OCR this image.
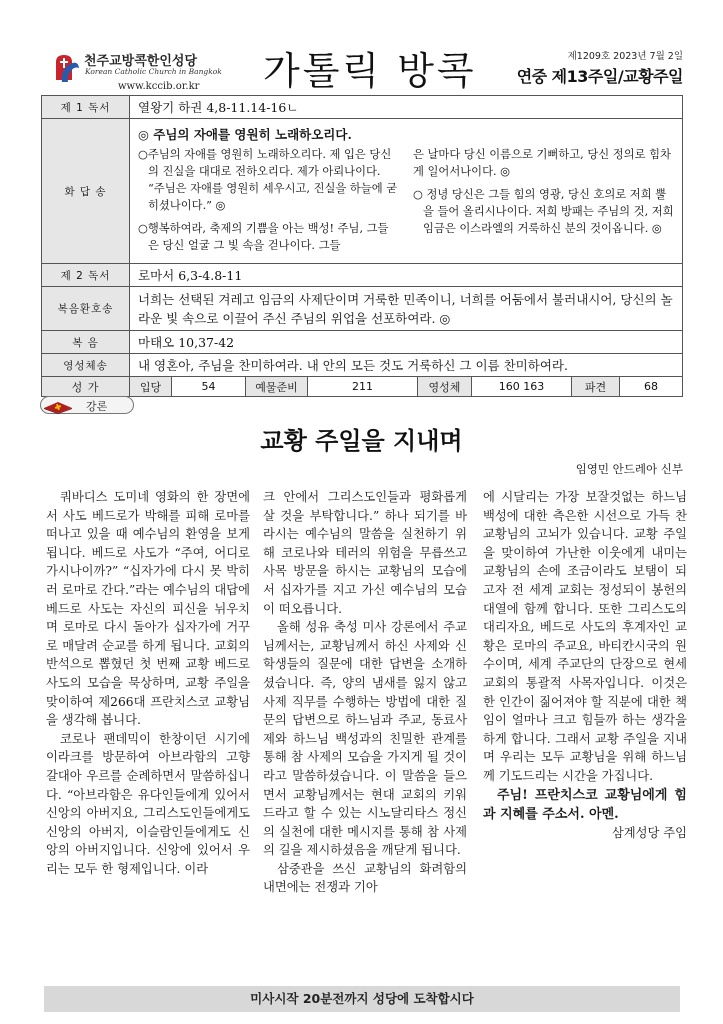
천주교방콕한인성당
Korean Catholic Church in Bangkok
www.kccib.or.kr 가톨릭 방콕	제1209호 2023년 7월 2일
연중 제13주일/교황주일
제 1 독서	열왕기 하권 4,8-11.14-16ㄴ							
화 답 송	◎ 주님의 자애를 영원히 노래하오리다.
○주님의 자애를 영원히 노래하오리다. 제 입은 당신의 진실을 대대로 전하오리다. 제가 아뢰나이다. “주님은 자애를 영원히 세우시고, 진실을 하늘에 굳히셨나이다.” ◎
○행복하여라, 축제의 기쁨을 아는 백성! 주님, 그들은 당신 얼굴 그 빛 속을 걷나이다. 그들
은 날마다 당신 이름으로 기뻐하고, 당신 정의로 힘차게 일어서나이다. ◎
○ 정녕 당신은 그들 힘의 영광, 당신 호의로 저희 뿔을 들어 올리시나이다. 저희 방패는 주님의 것, 저희 임금은 이스라엘의 거룩하신 분의 것이옵니다. ◎							

제 2 독서	로마서 6,3-4.8-11							
복음환호송	너희는 선택된 겨레고 임금의 사제단이며 거룩한 민족이니, 너희를 어둠에서 불러내시어, 당신의 놀라운 빛 속으로 이끌어 주신 주님의 위업을 선포하여라. ◎							
복 음	마태오 10,37-42							
영성체송	내 영혼아, 주님을 찬미하여라. 내 안의 모든 것도 거룩하신 그 이름 찬미하여라.							
성 가	입당	54	예물준비	211	영성체	160 163	파견	68
강론
교황 주일을 지내며
임영민 안드레아 신부

쿼바디스 도미네 영화의 한 장면에서 사도 베드로가 박해를 피해 로마를 떠나고 있을 때 예수님의 환영을 보게 됩니다. 베드로 사도가 “주여, 어디로 가시나이까?” “십자가에 다시 못 박히러 로마로 간다.”라는 예수님의 대답에 베드로 사도는 자신의 피신을 뉘우치며 로마로 다시 돌아가 십자가에 거꾸로 매달려 순교를 하게 됩니다. 교회의 반석으로 뽑혔던 첫 번째 교황 베드로 사도의 모습을 묵상하며, 교황 주일을 맞이하여 제266대 프란치스코 교황님을 생각해 봅니다.

코로나 팬데믹이 한창이던 시기에 이라크를 방문하여 아브라함의 고향 갈대아 우르를 순례하면서 말씀하십니다. “아브라함은 유다인들에게 있어서 신앙의 아버지요, 그리스도인들에게도 신앙의 아버지, 이슬람인들에게도 신앙의 아버지입니다. 신앙에 있어서 우리는 모두 한 형제입니다. 이라

크 안에서 그리스도인들과 평화롭게 살 것을 부탁합니다.” 하나 되기를 바라시는 예수님의 말씀을 실천하기 위해 코로나와 테러의 위험을 무릅쓰고 사목 방문을 하시는 교황님의 모습에서 십자가를 지고 가신 예수님의 모습이 떠오릅니다.

올해 성유 축성 미사 강론에서 주교님께서는, 교황님께서 하신 사제와 신학생들의 질문에 대한 답변을 소개하셨습니다. 즉, 양의 냄새를 잃지 않고 사제 직무를 수행하는 방법에 대한 질문의 답변으로 하느님과 주교, 동료사제와 하느님 백성과의 친밀한 관계를 통해 참 사제의 모습을 가지게 될 것이라고 말씀하셨습니다. 이 말씀을 들으면서 교황님께서는 현대 교회의 키워드라고 할 수 있는 시노달리타스 정신의 실천에 대한 메시지를 통해 참 사제의 길을 제시하셨음을 깨닫게 됩니다.

삼중관을 쓰신 교황님의 화려함의 내면에는 전쟁과 기아

에 시달리는 가장 보잘것없는 하느님 백성에 대한 측은한 시선으로 가득 찬 교황님의 고뇌가 있습니다. 교황 주일을 맞이하여 가난한 이웃에게 내미는 교황님의 손에 조금이라도 보탬이 되고자 전 세계 교회는 정성되이 봉헌의 대열에 함께 합니다. 또한 그리스도의 대리자요, 베드로 사도의 후계자인 교황은 로마의 주교요, 바티칸시국의 원수이며, 세계 주교단의 단장으로 현세 교회의 통괄적 사목자입니다. 이것은 한 인간이 짊어져야 할 직분에 대한 책임이 얼마나 크고 힘들까 하는 생각을 하게 합니다. 그래서 교황 주일을 지내며 우리는 모두 교황님을 위해 하느님께 기도드리는 시간을 가집니다.

주님! 프란치스코 교황님에게 힘과 지혜를 주소서. 아멘.

삼계성당 주임

미사시작 20분전까지 성당에 도착합시다
